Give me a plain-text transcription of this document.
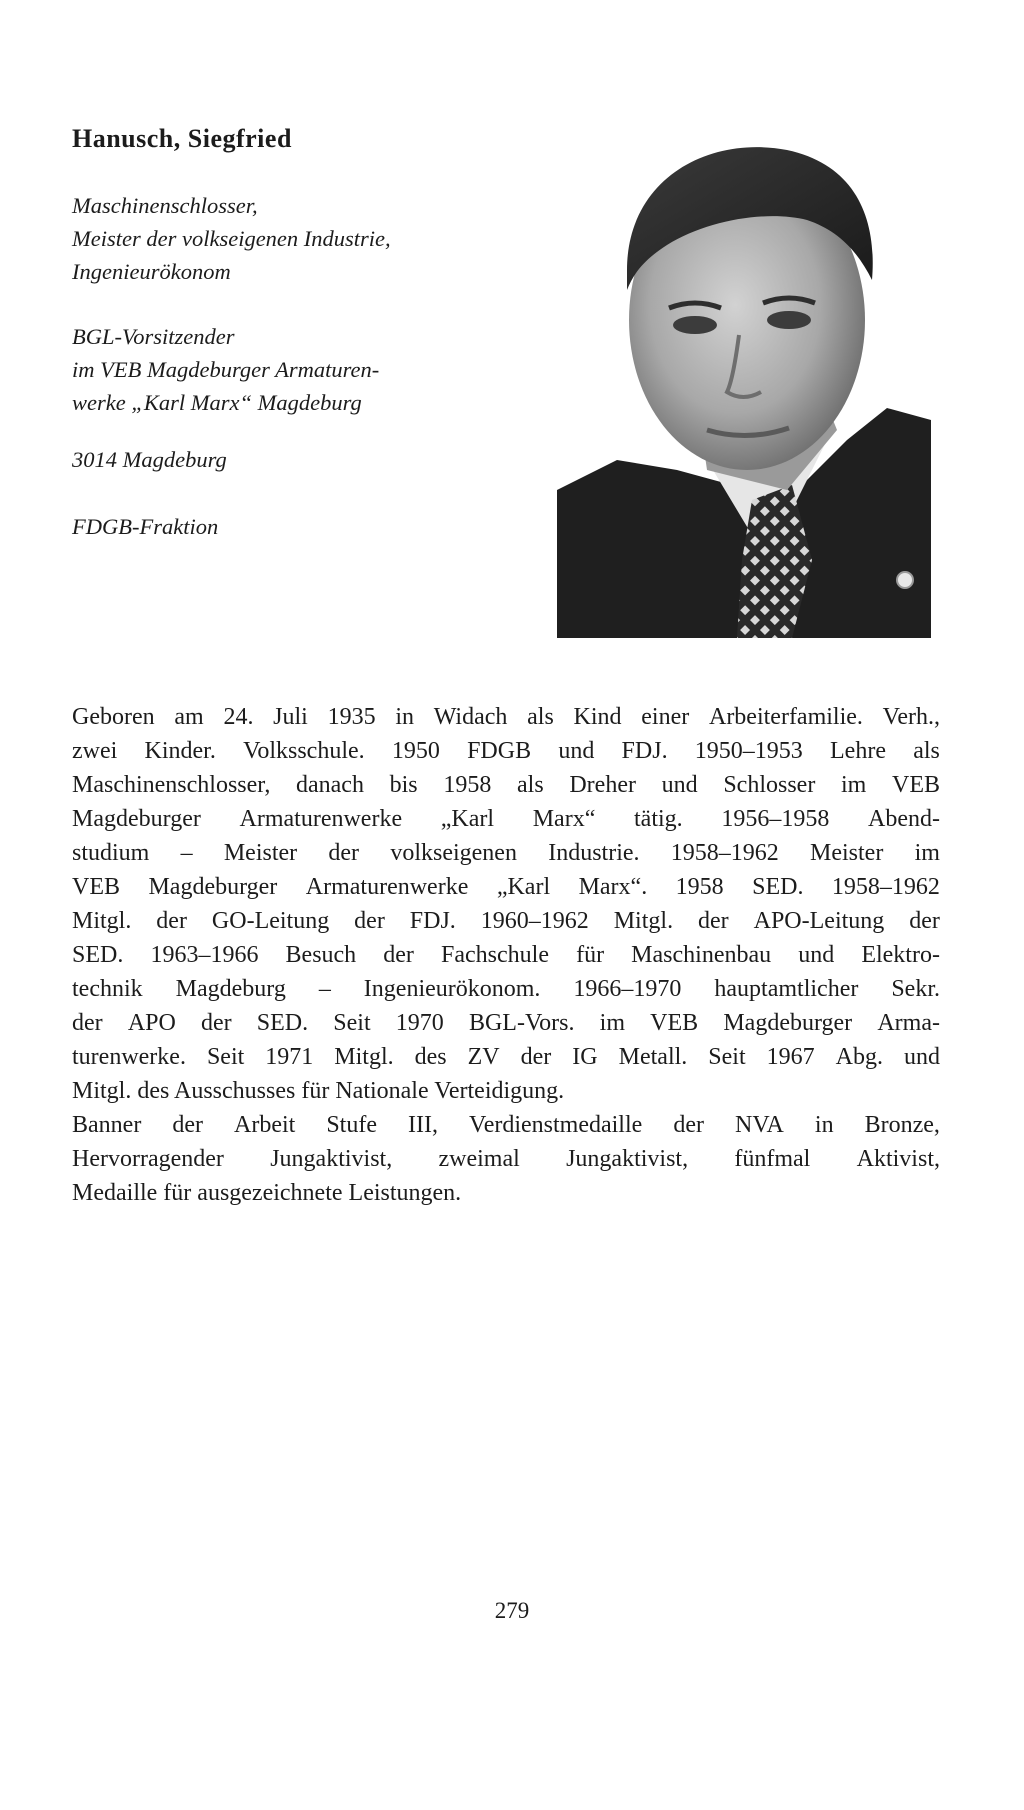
Hanusch, Siegfried
Maschinenschlosser,
Meister der volkseigenen Industrie,
Ingenieurökonom
BGL-Vorsitzender
im VEB Magdeburger Armaturen-
werke „Karl Marx“ Magdeburg
3014 Magdeburg
FDGB-Fraktion
Geboren am 24. Juli 1935 in Widach als Kind einer Arbeiterfamilie. Verh.,
zwei Kinder. Volksschule. 1950 FDGB und FDJ. 1950–1953 Lehre als
Maschinenschlosser, danach bis 1958 als Dreher und Schlosser im VEB
Magdeburger Armaturenwerke „Karl Marx“ tätig. 1956–1958 Abend-
studium – Meister der volkseigenen Industrie. 1958–1962 Meister im
VEB Magdeburger Armaturenwerke „Karl Marx“. 1958 SED. 1958–1962
Mitgl. der GO-Leitung der FDJ. 1960–1962 Mitgl. der APO-Leitung der
SED. 1963–1966 Besuch der Fachschule für Maschinenbau und Elektro-
technik Magdeburg – Ingenieurökonom. 1966–1970 hauptamtlicher Sekr.
der APO der SED. Seit 1970 BGL-Vors. im VEB Magdeburger Arma-
turenwerke. Seit 1971 Mitgl. des ZV der IG Metall. Seit 1967 Abg. und
Mitgl. des Ausschusses für Nationale Verteidigung.
Banner der Arbeit Stufe III, Verdienstmedaille der NVA in Bronze,
Hervorragender Jungaktivist, zweimal Jungaktivist, fünfmal Aktivist,
Medaille für ausgezeichnete Leistungen.
279
